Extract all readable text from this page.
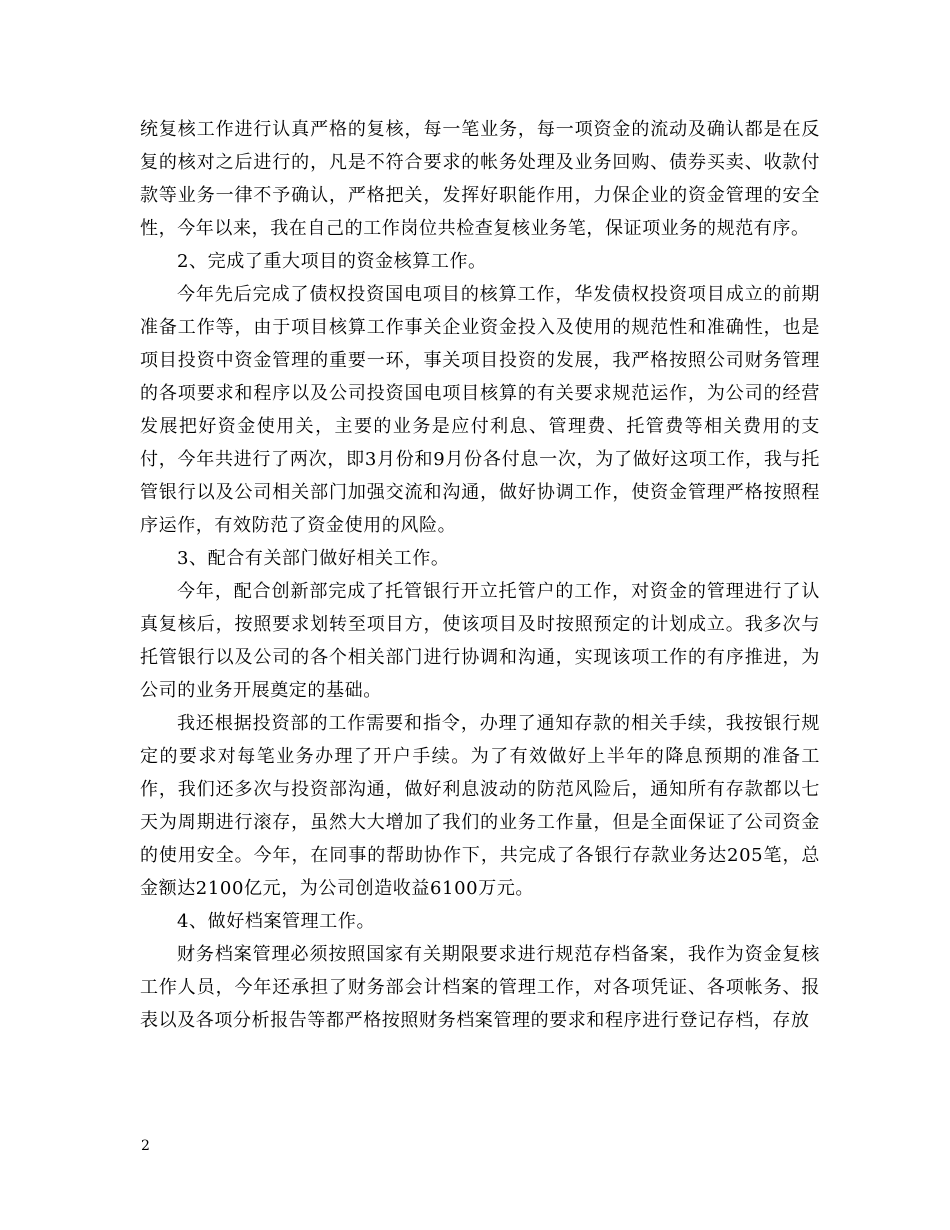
统复核工作进行认真严格的复核，每一笔业务，每一项资金的流动及确认都是在反复的核对之后进行的，凡是不符合要求的帐务处理及业务回购、债券买卖、收款付款等业务一律不予确认，严格把关，发挥好职能作用，力保企业的资金管理的安全性，今年以来，我在自己的工作岗位共检查复核业务笔，保证项业务的规范有序。

2、完成了重大项目的资金核算工作。

今年先后完成了债权投资国电项目的核算工作，华发债权投资项目成立的前期准备工作等，由于项目核算工作事关企业资金投入及使用的规范性和准确性，也是项目投资中资金管理的重要一环，事关项目投资的发展，我严格按照公司财务管理的各项要求和程序以及公司投资国电项目核算的有关要求规范运作，为公司的经营发展把好资金使用关，主要的业务是应付利息、管理费、托管费等相关费用的支付，今年共进行了两次，即3月份和9月份各付息一次，为了做好这项工作，我与托管银行以及公司相关部门加强交流和沟通，做好协调工作，使资金管理严格按照程序运作，有效防范了资金使用的风险。

3、配合有关部门做好相关工作。

今年，配合创新部完成了托管银行开立托管户的工作，对资金的管理进行了认真复核后，按照要求划转至项目方，使该项目及时按照预定的计划成立。我多次与托管银行以及公司的各个相关部门进行协调和沟通，实现该项工作的有序推进，为公司的业务开展奠定的基础。

我还根据投资部的工作需要和指令，办理了通知存款的相关手续，我按银行规定的要求对每笔业务办理了开户手续。为了有效做好上半年的降息预期的准备工作，我们还多次与投资部沟通，做好利息波动的防范风险后，通知所有存款都以七天为周期进行滚存，虽然大大增加了我们的业务工作量，但是全面保证了公司资金的使用安全。今年，在同事的帮助协作下，共完成了各银行存款业务达205笔，总金额达2100亿元，为公司创造收益6100万元。

4、做好档案管理工作。

财务档案管理必须按照国家有关期限要求进行规范存档备案，我作为资金复核工作人员，今年还承担了财务部会计档案的管理工作，对各项凭证、各项帐务、报表以及各项分析报告等都严格按照财务档案管理的要求和程序进行登记存档，存放

2
